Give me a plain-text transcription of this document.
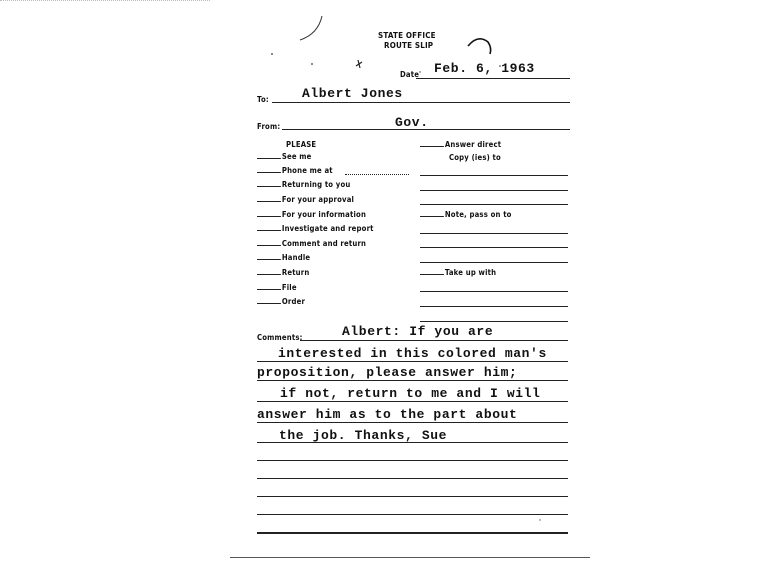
STATE OFFICE
ROUTE SLIP
Date Feb. 6, 1963
To:	Albert Jones
From:	Gov.
PLEASE
See me
Phone me at
Returning to you
For your approval
For your information
Investigate and report
Comment and return
Handle
Return
File
Order
Answer direct
Copy (ies) to
Note, pass on to
Take up with
Comments:	Albert: If you are
interested in this colored man's
proposition, please answer him;
if not, return to me and I will
answer him as to the part about
the job. Thanks, Sue
